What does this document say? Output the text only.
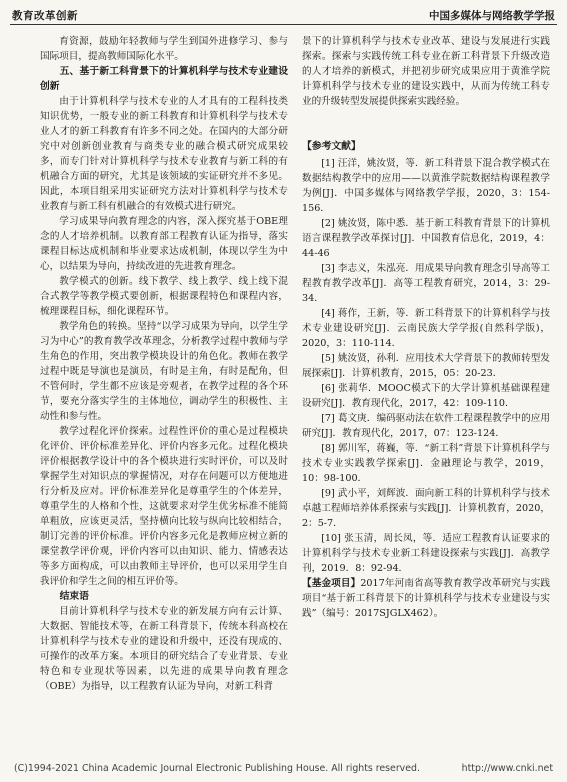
教育改革创新	中国多媒体与网络教学学报

育资源，鼓励年轻教师与学生到国外进修学习、参与国际项目，提高教师国际化水平。

五、基于新工科背景下的计算机科学与技术专业建设创新

由于计算机科学与技术专业的人才具有的工程科技类知识优势，一般专业的新工科教育和计算机科学与技术专业人才的新工科教育有许多不同之处。在国内的大部分研究中对创新创业教育与商类专业的融合模式研究成果较多，而专门针对计算机科学与技术专业教育与新工科的有机融合方面的研究，尤其是该领域的实证研究并不多见。因此，本项目组采用实证研究方法对计算机科学与技术专业教育与新工科有机融合的有效模式进行研究。

学习成果导向教育理念的内容，深入探究基于OBE理念的人才培养机制。以教育部工程教育认证为指导，落实课程目标达成机制和毕业要求达成机制，体现以学生为中心，以结果为导向，持续改进的先进教育理念。

教学模式的创新。线下教学、线上教学、线上线下混合式教学等教学模式要创新，根据课程特色和课程内容，梳理课程目标，细化课程环节。

教学角色的转换。坚持“以学习成果为导向，以学生学习为中心”的教育教学改革理念，分析教学过程中教师与学生角色的作用，突出教学模块设计的角色化。教师在教学过程中既是导演也是演员，有时是主角，有时是配角，但不管何时，学生都不应该是旁观者，在教学过程的各个环节，要充分落实学生的主体地位，调动学生的积极性、主动性和参与性。

教学过程化评价探索。过程性评价的重心是过程模块化评价、评价标准差异化、评价内容多元化。过程化模块评价根据教学设计中的各个模块进行实时评价，可以及时掌握学生对知识点的掌握情况，对存在问题可以方便地进行分析及应对。评价标准差异化是尊重学生的个体差异，尊重学生的人格和个性，这就要求对学生优劣标准不能简单粗放，应该更灵活，坚持横向比较与纵向比较相结合，制订完善的评价标准。评价内容多元化是教师应树立新的课堂教学评价观，评价内容可以由知识、能力、情感表达等多方面构成，可以由教师主导评价，也可以采用学生自我评价和学生之间的相互评价等。

结束语

目前计算机科学与技术专业的新发展方向有云计算、大数据、智能技术等，在新工科背景下，传统本科高校在计算机科学与技术专业的建设和升级中，还没有现成的、可操作的改革方案。本项目的研究结合了专业背景、专业特色和专业现状等因素，以先进的成果导向教育理念（OBE）为指导，以工程教育认证为导向，对新工科背

景下的计算机科学与技术专业改革、建设与发展进行实践探索。探索与实践传统工科专业在新工科背景下升级改造的人才培养的新模式，并把初步研究成果应用于黄淮学院计算机科学与技术专业的建设实践中，从而为传统工科专业的升级转型发展提供探索实践经验。

【参考文献】

[1] 汪洋，姚汝贤，等．新工科背景下混合教学模式在数据结构教学中的应用——以黄淮学院数据结构课程教学为例[J]．中国多媒体与网络教学学报，2020，3：154-156．

[2] 姚汝贤，陈中悉．基于新工科教育背景下的计算机语言课程教学改革探讨[J]．中国教育信息化，2019，4：44-46

[3] 李志义，朱泓亮．用成果导向教育理念引导高等工程教育教学改革[J]．高等工程教育研究，2014，3：29-34．

[4] 蒋作，王新，等．新工科背景下的计算机科学与技术专业建设研究[J]．云南民族大学学报(自然科学版)，2020，3：110-114．

[5] 姚汝贤，孙利．应用技术大学背景下的教师转型发展探索[J]．计算机教育，2015，05：20-23．

[6] 张莉华．MOOC模式下的大学计算机基础课程建设研究[J]．教育现代化，2017，42：109-110．

[7] 葛文庚．编码驱动法在软件工程课程教学中的应用研究[J]．教育现代化，2017，07：123-124．

[8] 郭川军，蒋巍，等．“新工科”背景下计算机科学与技术专业实践教学探索[J]．金融理论与教学，2019，10：98-100．

[9] 武小平，刘辉波．面向新工科的计算机科学与技术卓越工程师培养体系探索与实践[J]．计算机教育，2020，2：5-7．

[10] 张玉清，周长凤，等．适应工程教育认证要求的计算机科学与技术专业新工科建设探索与实践[J]．高教学刊，2019．8：92-94．

【基金项目】2017年河南省高等教育教学改革研究与实践项目“基于新工科背景下的计算机科学与技术专业建设与实践”（编号：2017SJGLX462）。

(C)1994-2021 China Academic Journal Electronic Publishing House. All rights reserved.	http://www.cnki.net
